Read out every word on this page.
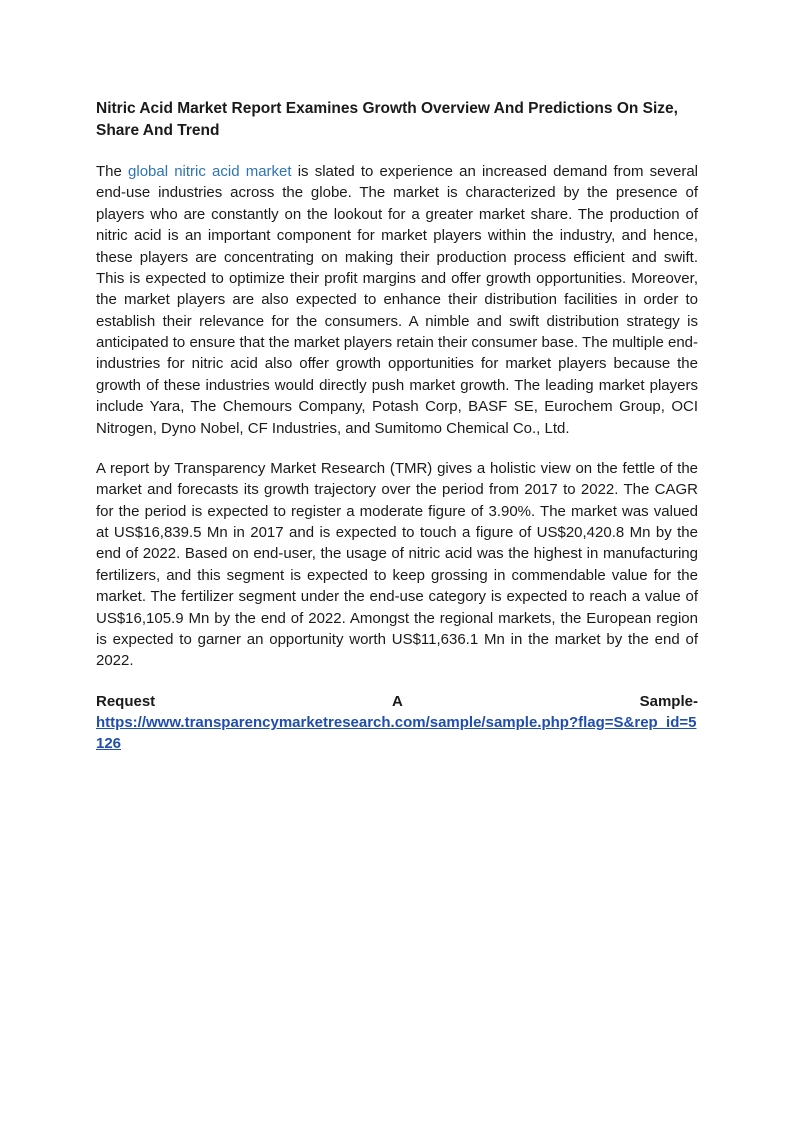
Nitric Acid Market Report Examines Growth Overview And Predictions On Size, Share And Trend

The global nitric acid market is slated to experience an increased demand from several end-use industries across the globe. The market is characterized by the presence of players who are constantly on the lookout for a greater market share. The production of nitric acid is an important component for market players within the industry, and hence, these players are concentrating on making their production process efficient and swift. This is expected to optimize their profit margins and offer growth opportunities. Moreover, the market players are also expected to enhance their distribution facilities in order to establish their relevance for the consumers. A nimble and swift distribution strategy is anticipated to ensure that the market players retain their consumer base. The multiple end-industries for nitric acid also offer growth opportunities for market players because the growth of these industries would directly push market growth. The leading market players include Yara, The Chemours Company, Potash Corp, BASF SE, Eurochem Group, OCI Nitrogen, Dyno Nobel, CF Industries, and Sumitomo Chemical Co., Ltd.

A report by Transparency Market Research (TMR) gives a holistic view on the fettle of the market and forecasts its growth trajectory over the period from 2017 to 2022. The CAGR for the period is expected to register a moderate figure of 3.90%. The market was valued at US$16,839.5 Mn in 2017 and is expected to touch a figure of US$20,420.8 Mn by the end of 2022. Based on end-user, the usage of nitric acid was the highest in manufacturing fertilizers, and this segment is expected to keep grossing in commendable value for the market. The fertilizer segment under the end-use category is expected to reach a value of US$16,105.9 Mn by the end of 2022. Amongst the regional markets, the European region is expected to garner an opportunity worth US$11,636.1 Mn in the market by the end of 2022.

Request	A	Sample-
https://www.transparencymarketresearch.com/sample/sample.php?flag=S&rep_id=5126
